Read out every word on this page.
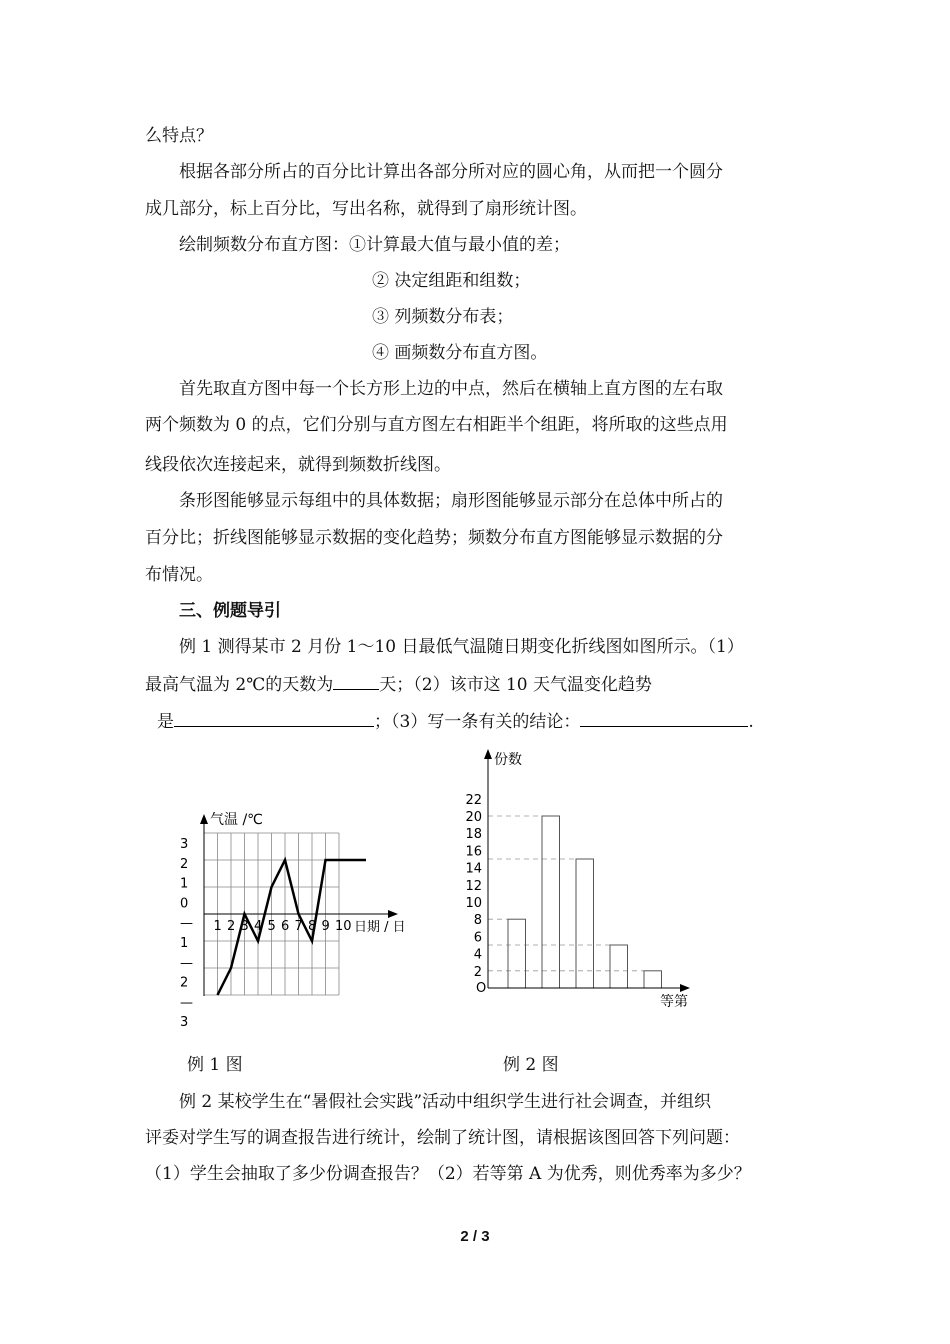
么特点？
根据各部分所占的百分比计算出各部分所对应的圆心角，从而把一个圆分
成几部分，标上百分比，写出名称，就得到了扇形统计图。
绘制频数分布直方图：①计算最大值与最小值的差；
② 决定组距和组数；
③ 列频数分布表；
④ 画频数分布直方图。
首先取直方图中每一个长方形上边的中点，然后在横轴上直方图的左右取
两个频数为 0 的点，它们分别与直方图左右相距半个组距，将所取的这些点用
线段依次连接起来，就得到频数折线图。
条形图能够显示每组中的具体数据；扇形图能够显示部分在总体中所占的
百分比；折线图能够显示数据的变化趋势；频数分布直方图能够显示数据的分
布情况。
三、例题导引
例 1 测得某市 2 月份 1～10 日最低气温随日期变化折线图如图所示。（1）
最高气温为 2℃的天数为	天；（2）该市这 10 天气温变化趋势
是	；（3）写一条有关的结论：	.
气温 /℃
日期 / 日
3
2
1
0
—
1
—
2
—
3
1 2 3 4 5 6 7 8 9 10
份数
等第
O
2
4
6
8
10
12
14
16
18
20
22
例 1 图	例 2 图
例 2 某校学生在“暑假社会实践”活动中组织学生进行社会调查，并组织
评委对学生写的调查报告进行统计，绘制了统计图，请根据该图回答下列问题：
（1）学生会抽取了多少份调查报告？（2）若等第 A 为优秀，则优秀率为多少？
2 / 3
